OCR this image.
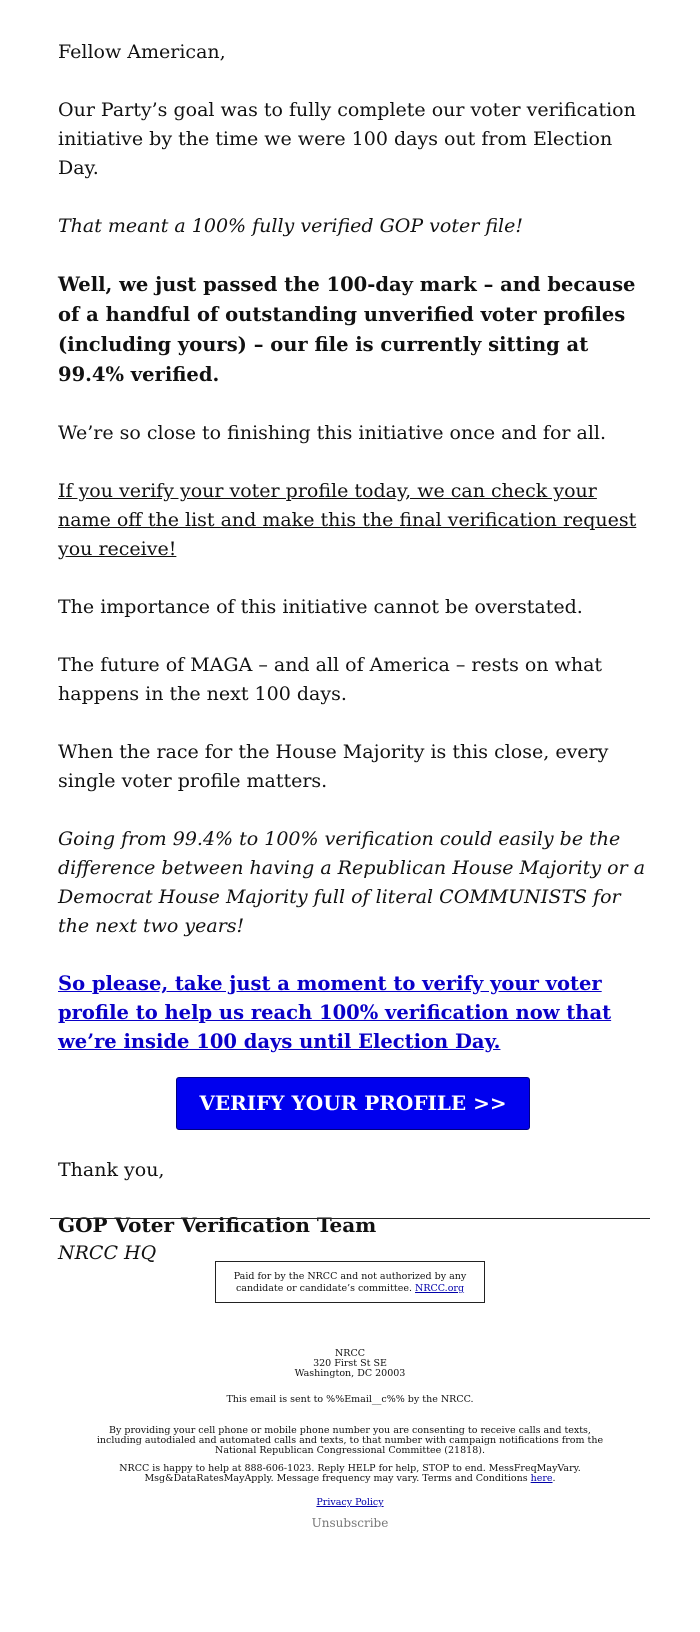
Fellow American,

Our Party’s goal was to fully complete our voter verification initiative by the time we were 100 days out from Election Day.

That meant a 100% fully verified GOP voter file!

Well, we just passed the 100-day mark – and because of a handful of outstanding unverified voter profiles (including yours) – our file is currently sitting at 99.4% verified.

We’re so close to finishing this initiative once and for all.

If you verify your voter profile today, we can check your name off the list and make this the final verification request you receive!

The importance of this initiative cannot be overstated.

The future of MAGA – and all of America – rests on what happens in the next 100 days.

When the race for the House Majority is this close, every single voter profile matters.

Going from 99.4% to 100% verification could easily be the difference between having a Republican House Majority or a Democrat House Majority full of literal COMMUNISTS for the next two years!

So please, take just a moment to verify your voter profile to help us reach 100% verification now that we’re inside 100 days until Election Day.

VERIFY YOUR PROFILE >>

Thank you,

GOP Voter Verification Team

NRCC HQ

Paid for by the NRCC and not authorized by any candidate or candidate’s committee. NRCC.org
NRCC
320 First St SE
Washington, DC 20003
This email is sent to %%Email__c%% by the NRCC.
By providing your cell phone or mobile phone number you are consenting to receive calls and texts, including autodialed and automated calls and texts, to that number with campaign notifications from the National Republican Congressional Committee (21818).
NRCC is happy to help at 888-606-1023. Reply HELP for help, STOP to end. MessFreqMayVary. Msg&DataRatesMayApply. Message frequency may vary. Terms and Conditions here.
Privacy Policy
Unsubscribe
